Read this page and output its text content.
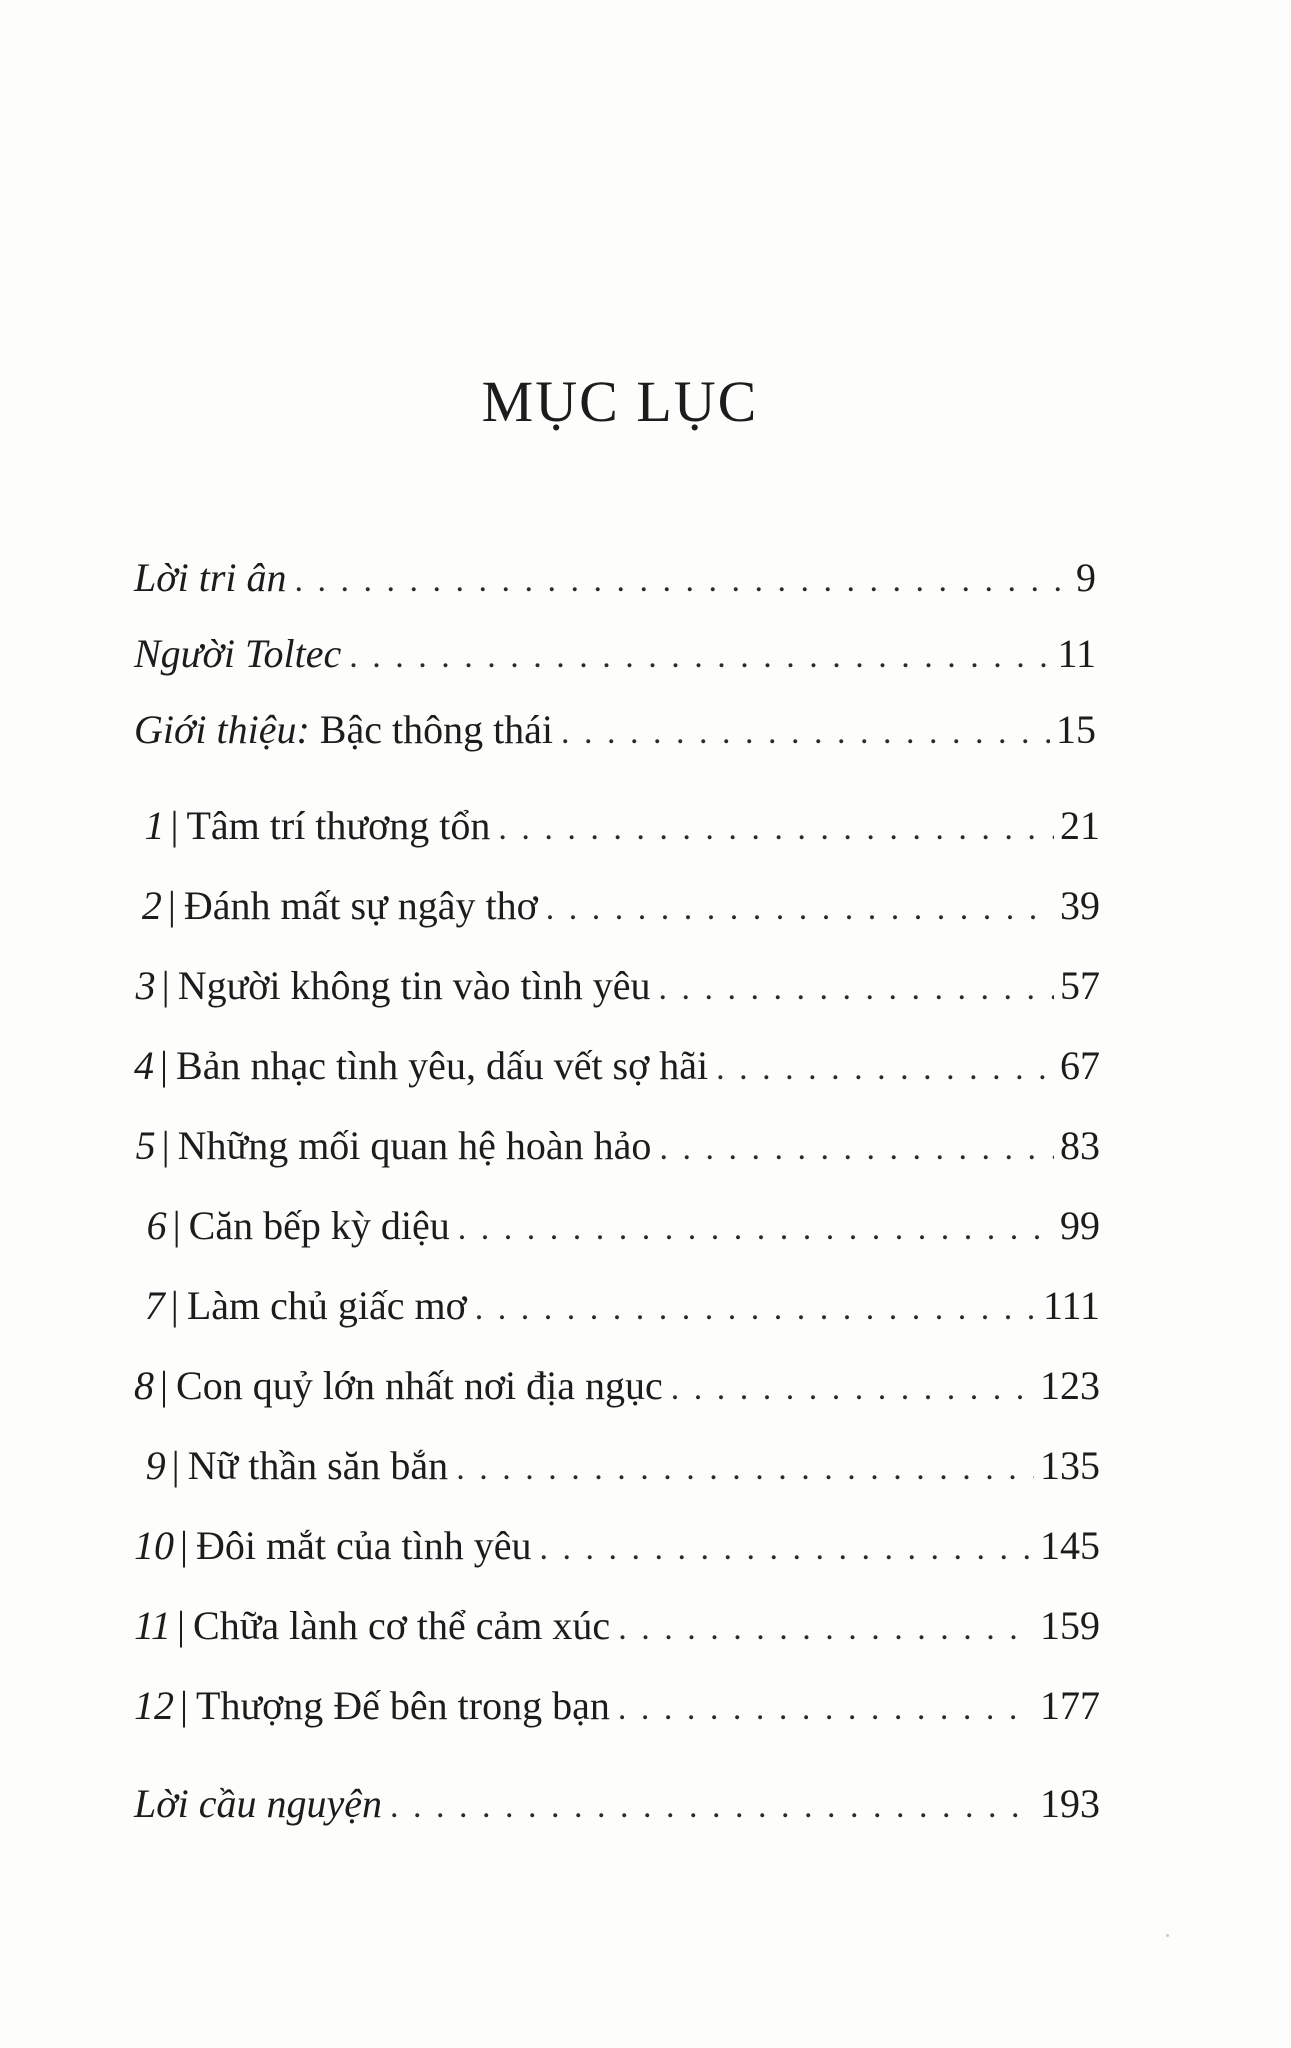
MỤC LỤC
Lời tri ân . . .	9
Người Toltec . . .	11
Giới thiệu: Bậc thông thái . . .	15
1 | Tâm trí thương tổn . . .	21
2 | Đánh mất sự ngây thơ . . .	39
3 | Người không tin vào tình yêu . . .	57
4 | Bản nhạc tình yêu, dấu vết sợ hãi . . .	67
5 | Những mối quan hệ hoàn hảo . . .	83
6 | Căn bếp kỳ diệu . . .	99
7 | Làm chủ giấc mơ . . .	111
8 | Con quỷ lớn nhất nơi địa ngục . . .	123
9 | Nữ thần săn bắn . . .	135
10 | Đôi mắt của tình yêu . . .	145
11 | Chữa lành cơ thể cảm xúc . . .	159
12 | Thượng Đế bên trong bạn . . .	177
Lời cầu nguyện . . .	193
